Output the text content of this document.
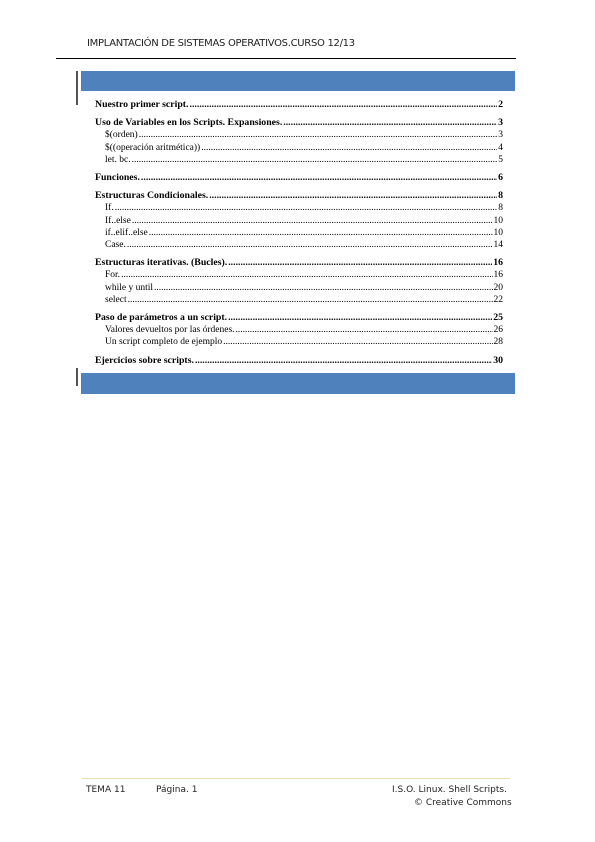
IMPLANTACIÓN DE SISTEMAS OPERATIVOS.CURSO 12/13
Nuestro primer script. .....	2
Uso de Variables en los Scripts. Expansiones. .....	3
$(orden) .....	3
$((operación aritmética)) .....	4
let. bc. .....	5
Funciones. .....	6
Estructuras Condicionales. .....	8
If. .....	8
If..else .....	10
if..elif..else .....	10
Case. .....	14
Estructuras iterativas. (Bucles). .....	16
For. .....	16
while y until .....	20
select .....	22
Paso de parámetros a un script. .....	25
Valores devueltos por las órdenes. .....	26
Un script completo de ejemplo .....	28
Ejercicios sobre scripts. .....	30
TEMA 11	Página. 1	I.S.O. Linux. Shell Scripts.
© Creative Commons
